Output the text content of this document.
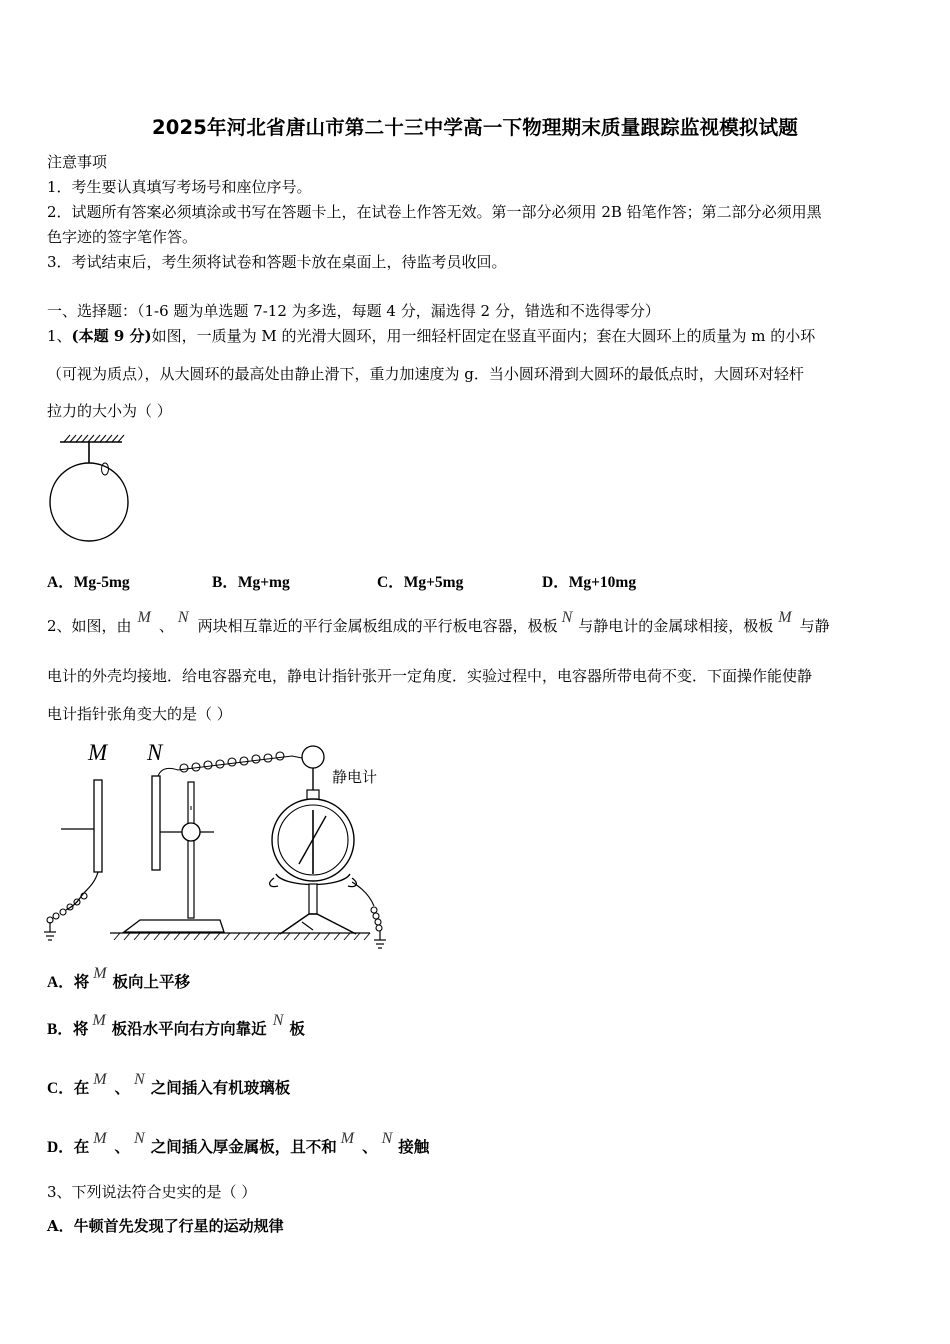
2025年河北省唐山市第二十三中学高一下物理期末质量跟踪监视模拟试题
注意事项
1．考生要认真填写考场号和座位序号。
2．试题所有答案必须填涂或书写在答题卡上，在试卷上作答无效。第一部分必须用 2B 铅笔作答；第二部分必须用黑
色字迹的签字笔作答。
3．考试结束后，考生须将试卷和答题卡放在桌面上，待监考员收回。
一、选择题：（1-6 题为单选题 7-12 为多选，每题 4 分，漏选得 2 分，错选和不选得零分）
1、(本题 9 分)如图，一质量为 M 的光滑大圆环，用一细轻杆固定在竖直平面内；套在大圆环上的质量为 m 的小环
（可视为质点），从大圆环的最高处由静止滑下，重力加速度为 g．当小圆环滑到大圆环的最低点时，大圆环对轻杆
拉力的大小为（ ）
A．Mg-5mg	B．Mg+mg	C．Mg+5mg	D．Mg+10mg
2、如图，由 M 、 N 两块相互靠近的平行金属板组成的平行板电容器，极板 N 与静电计的金属球相接，极板 M 与静
电计的外壳均接地．给电容器充电，静电计指针张开一定角度．实验过程中，电容器所带电荷不变．下面操作能使静
电计指针张角变大的是（ ）
M N
静电计
A．将M板向上平移
B．将M板沿水平向右方向靠近N板
C．在M、N之间插入有机玻璃板
D．在M、N之间插入厚金属板，且不和M、N接触
3、下列说法符合史实的是（ ）
A．牛顿首先发现了行星的运动规律
